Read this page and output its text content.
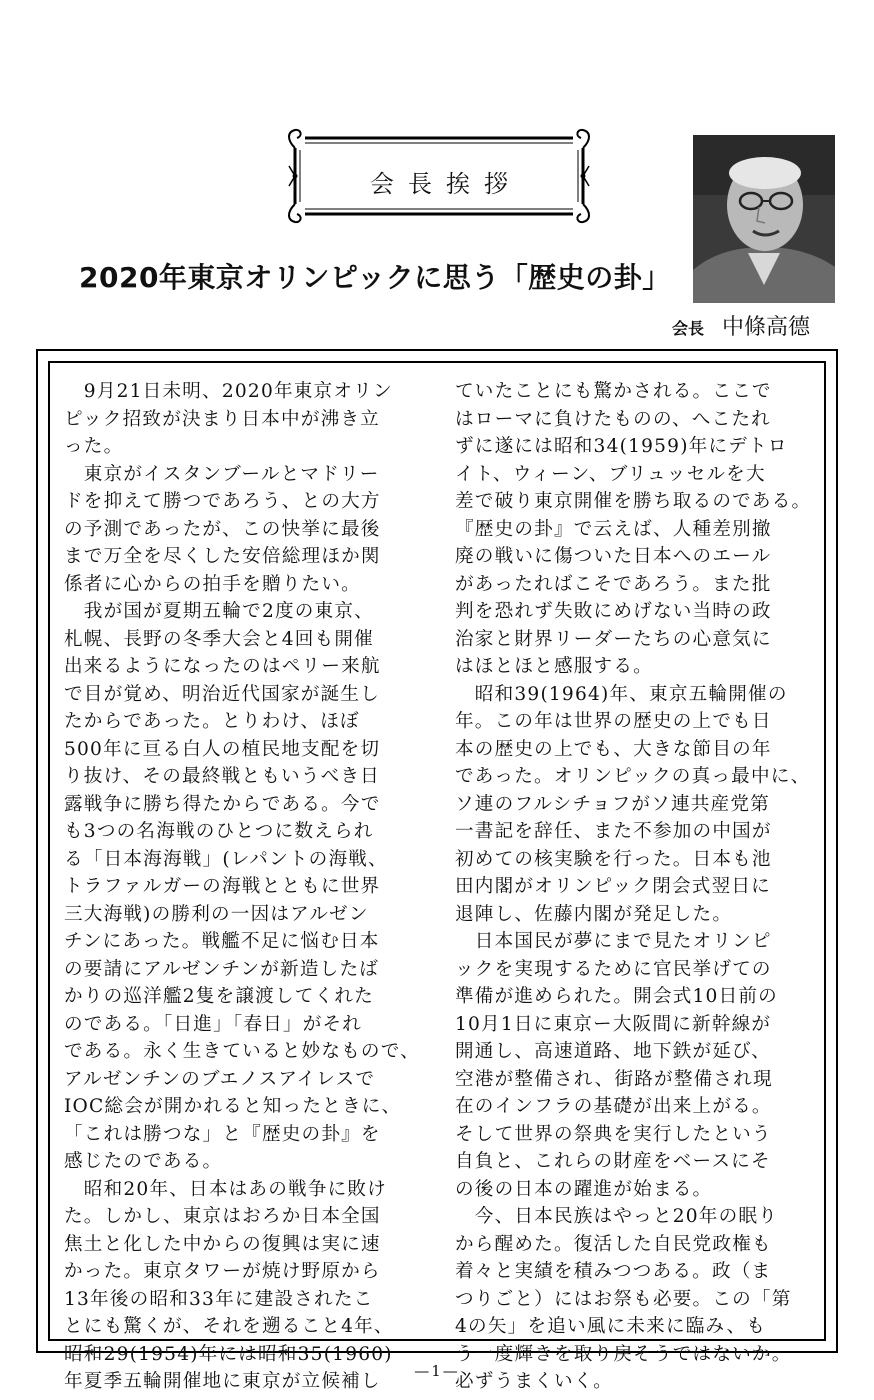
会長挨拶
2020年東京オリンピックに思う「歴史の卦」
会長 中條高德

　9月21日未明、2020年東京オリン

ピック招致が決まり日本中が沸き立

った。

　東京がイスタンブールとマドリー

ドを抑えて勝つであろう、との大方

の予測であったが、この快挙に最後

まで万全を尽くした安倍総理ほか関

係者に心からの拍手を贈りたい。

　我が国が夏期五輪で2度の東京、

札幌、長野の冬季大会と4回も開催

出来るようになったのはペリー来航

で目が覚め、明治近代国家が誕生し

たからであった。とりわけ、ほぼ

500年に亘る白人の植民地支配を切

り抜け、その最終戦ともいうべき日

露戦争に勝ち得たからである。今で

も3つの名海戦のひとつに数えられ

る「日本海海戦」(レパントの海戦、

トラファルガーの海戦とともに世界

三大海戦)の勝利の一因はアルゼン

チンにあった。戦艦不足に悩む日本

の要請にアルゼンチンが新造したば

かりの巡洋艦2隻を譲渡してくれた

のである。「日進」「春日」がそれ

である。永く生きていると妙なもので、

アルゼンチンのブエノスアイレスで

IOC総会が開かれると知ったときに、

「これは勝つな」と『歴史の卦』を

感じたのである。

　昭和20年、日本はあの戦争に敗け

た。しかし、東京はおろか日本全国

焦土と化した中からの復興は実に速

かった。東京タワーが焼け野原から

13年後の昭和33年に建設されたこ

とにも驚くが、それを遡ること4年、

昭和29(1954)年には昭和35(1960)

年夏季五輪開催地に東京が立候補し

ていたことにも驚かされる。ここで

はローマに負けたものの、へこたれ

ずに遂には昭和34(1959)年にデトロ

イト、ウィーン、ブリュッセルを大

差で破り東京開催を勝ち取るのである。

『歴史の卦』で云えば、人種差別撤

廃の戦いに傷ついた日本へのエール

があったればこそであろう。また批

判を恐れず失敗にめげない当時の政

治家と財界リーダーたちの心意気に

はほとほと感服する。

　昭和39(1964)年、東京五輪開催の

年。この年は世界の歴史の上でも日

本の歴史の上でも、大きな節目の年

であった。オリンピックの真っ最中に、

ソ連のフルシチョフがソ連共産党第

一書記を辞任、また不参加の中国が

初めての核実験を行った。日本も池

田内閣がオリンピック閉会式翌日に

退陣し、佐藤内閣が発足した。

　日本国民が夢にまで見たオリンピ

ックを実現するために官民挙げての

準備が進められた。開会式10日前の

10月1日に東京ー大阪間に新幹線が

開通し、高速道路、地下鉄が延び、

空港が整備され、街路が整備され現

在のインフラの基礎が出来上がる。

そして世界の祭典を実行したという

自負と、これらの財産をベースにそ

の後の日本の躍進が始まる。

　今、日本民族はやっと20年の眠り

から醒めた。復活した自民党政権も

着々と実績を積みつつある。政（ま

つりごと）にはお祭も必要。この「第

4の矢」を追い風に未来に臨み、も

う一度輝きを取り戻そうではないか。

必ずうまくいく。

—1—
